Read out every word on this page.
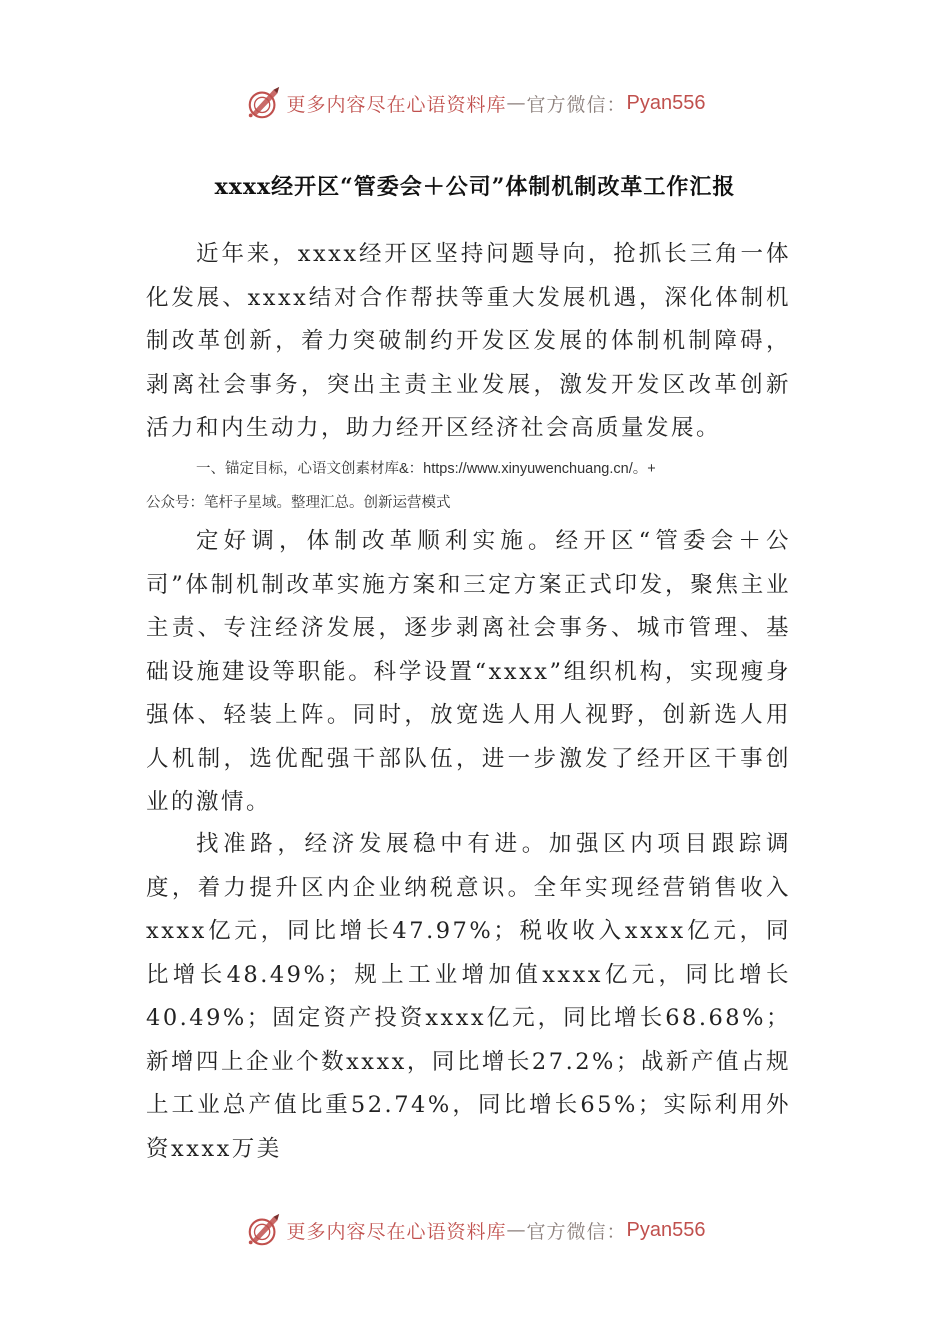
更多内容尽在心语资料库 — 官方微信： Pyan556
xxxx经开区“管委会＋公司”体制机制改革工作汇报

近年来，xxxx经开区坚持问题导向，抢抓长三角一体化发展、xxxx结对合作帮扶等重大发展机遇，深化体制机制改革创新，着力突破制约开发区发展的体制机制障碍，剥离社会事务，突出主责主业发展，激发开发区改革创新活力和内生动力，助力经开区经济社会高质量发展。

一、锚定目标，心语文创素材库&：https://www.xinyuwenchuang.cn/。+
公众号：笔杆子星域。整理汇总。创新运营模式

定好调，体制改革顺利实施。经开区“管委会＋公司”体制机制改革实施方案和三定方案正式印发，聚焦主业主责、专注经济发展，逐步剥离社会事务、城市管理、基础设施建设等职能。科学设置“xxxx”组织机构，实现瘦身强体、轻装上阵。同时，放宽选人用人视野，创新选人用人机制，选优配强干部队伍，进一步激发了经开区干事创业的激情。

找准路，经济发展稳中有进。加强区内项目跟踪调度，着力提升区内企业纳税意识。全年实现经营销售收入xxxx亿元，同比增长47.97%；税收收入xxxx亿元，同比增长48.49%；规上工业增加值xxxx亿元，同比增长40.49%；固定资产投资xxxx亿元，同比增长68.68%；新增四上企业个数xxxx，同比增长27.2%；战新产值占规上工业总产值比重52.74%，同比增长65%；实际利用外资xxxx万美

更多内容尽在心语资料库 — 官方微信： Pyan556
